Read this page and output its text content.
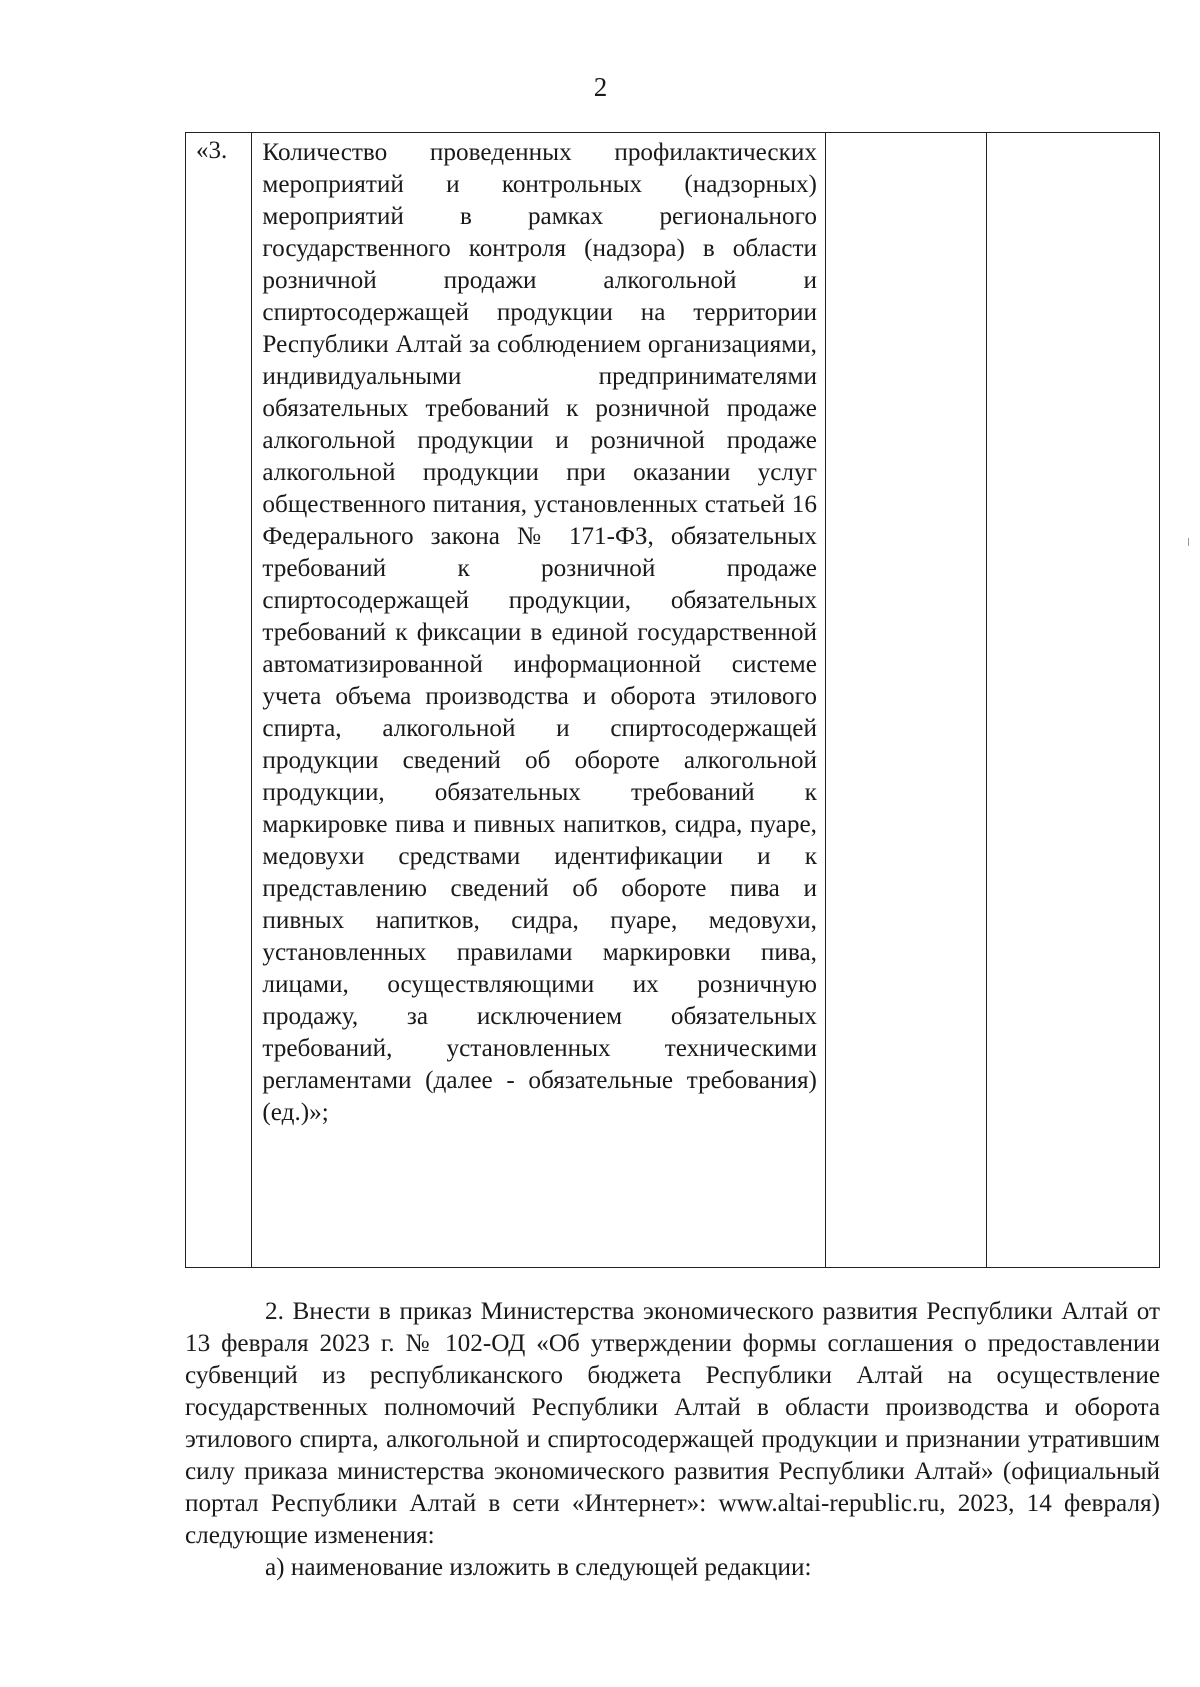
2
«3.	Количество проведенных профилактических мероприятий и контрольных (надзорных) мероприятий в рамках регионального государственного контроля (надзора) в области розничной продажи алкогольной и спиртосодержащей продукции на территории Республики Алтай за соблюдением организациями, индивидуальными предпринимателями обязательных требований к розничной продаже алкогольной продукции и розничной продаже алкогольной продукции при оказании услуг общественного питания, установленных статьей 16 Федерального закона № 171-ФЗ, обязательных требований к розничной продаже спиртосодержащей продукции, обязательных требований к фиксации в единой государственной автоматизированной информационной системе учета объема производства и оборота этилового спирта, алкогольной и спиртосодержащей продукции сведений об обороте алкогольной продукции, обязательных требований к маркировке пива и пивных напитков, сидра, пуаре, медовухи средствами идентификации и к представлению сведений об обороте пива и пивных напитков, сидра, пуаре, медовухи, установленных правилами маркировки пива, лицами, осуществляющими их розничную продажу, за исключением обязательных требований, установленных техническими регламентами (далее - обязательные требования) (ед.)»;

2. Внести в приказ Министерства экономического развития Республики Алтай от 13 февраля 2023 г. № 102-ОД «Об утверждении формы соглашения о предоставлении субвенций из республиканского бюджета Республики Алтай на осуществление государственных полномочий Республики Алтай в области производства и оборота этилового спирта, алкогольной и спиртосодержащей продукции и признании утратившим силу приказа министерства экономического развития Республики Алтай» (официальный портал Республики Алтай в сети «Интернет»: www.altai-republic.ru, 2023, 14 февраля) следующие изменения:

а) наименование изложить в следующей редакции:
